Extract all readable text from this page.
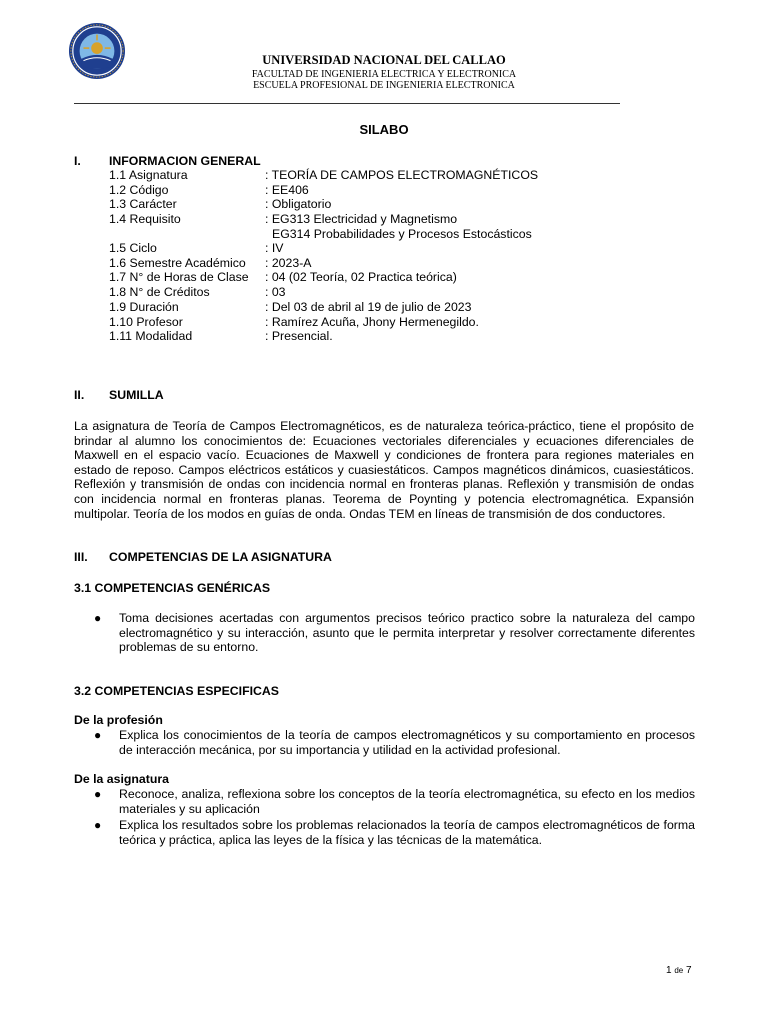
UNIVERSIDAD NACIONAL DEL CALLAO
FACULTAD DE INGENIERIA ELECTRICA Y ELECTRONICA
ESCUELA PROFESIONAL DE INGENIERIA ELECTRONICA
SILABO
I. INFORMACION GENERAL
1.1 Asignatura	: TEORÍA DE CAMPOS ELECTROMAGNÉTICOS
1.2 Código	: EE406
1.3 Carácter	: Obligatorio
1.4 Requisito	: EG313 Electricidad y Magnetismo
EG314 Probabilidades y Procesos Estocásticos
1.5 Ciclo	: IV
1.6 Semestre Académico : 2023-A
1.7 N° de Horas de Clase : 04 (02 Teoría, 02 Practica teórica)
1.8 N° de Créditos	: 03
1.9 Duración	: Del 03 de abril al 19 de julio de 2023
1.10 Profesor	: Ramírez Acuña, Jhony Hermenegildo.
1.11 Modalidad	: Presencial.
II. SUMILLA
La asignatura de Teoría de Campos Electromagnéticos, es de naturaleza teórica-práctico, tiene el propósito de brindar al alumno los conocimientos de: Ecuaciones vectoriales diferenciales y ecuaciones diferenciales de Maxwell en el espacio vacío. Ecuaciones de Maxwell y condiciones de frontera para regiones materiales en estado de reposo. Campos eléctricos estáticos y cuasiestáticos. Campos magnéticos dinámicos, cuasiestáticos. Reflexión y transmisión de ondas con incidencia normal en fronteras planas. Reflexión y transmisión de ondas con incidencia normal en fronteras planas. Teorema de Poynting y potencia electromagnética. Expansión multipolar. Teoría de los modos en guías de onda. Ondas TEM en líneas de transmisión de dos conductores.
III. COMPETENCIAS DE LA ASIGNATURA
3.1 COMPETENCIAS GENÉRICAS
● Toma decisiones acertadas con argumentos precisos teórico practico sobre la naturaleza del campo electromagnético y su interacción, asunto que le permita interpretar y resolver correctamente diferentes problemas de su entorno.
3.2 COMPETENCIAS ESPECIFICAS
De la profesión
● Explica los conocimientos de la teoría de campos electromagnéticos y su comportamiento en procesos de interacción mecánica, por su importancia y utilidad en la actividad profesional.
De la asignatura
● Reconoce, analiza, reflexiona sobre los conceptos de la teoría electromagnética, su efecto en los medios materiales y su aplicación
● Explica los resultados sobre los problemas relacionados la teoría de campos electromagnéticos de forma teórica y práctica, aplica las leyes de la física y las técnicas de la matemática.
1 de 7
